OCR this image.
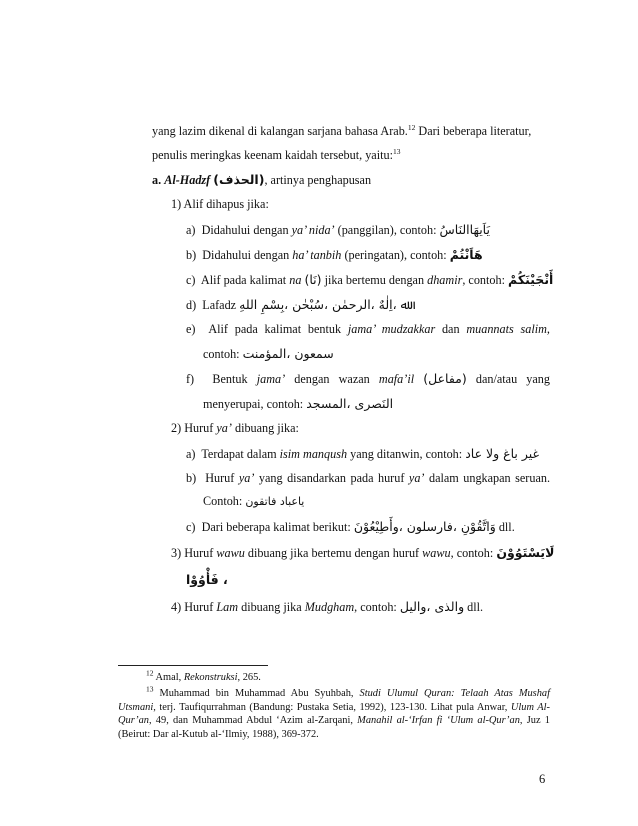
yang lazim dikenal di kalangan sarjana bahasa Arab.$^{12}$ Dari beberapa literatur,
penulis meringkas keenam kaidah tersebut, yaitu:$^{13}$
a. Al-Hadzf (الحذف), artinya penghapusan
1) Alif dihapus jika:
a) Didahului dengan ya’ nida’ (panggilan), contoh: يَاَيهَاالنَاسُ
b) Didahului dengan ha’ tanbih (peringatan), contoh: هَاَنْتُمْ
c) Alif pada kalimat na (نَا) jika bertemu dengan dhamir, contoh: أَنْجَيْنَكُمْ
d) Lafadz ﷲ ،اِلٰهٌ ،الرحمٰن ،سُبْحٰن ،بِسْمِ اللهِ
e) Alif pada kalimat bentuk jama’ mudzakkar dan muannats salim,
contoh: سمعون ،المؤمنت
f) Bentuk jama’ dengan wazan mafa’il (مفاعل) dan/atau yang
menyerupai, contoh: النَصرى ،المسجد
2) Huruf ya’ dibuang jika:
a) Terdapat dalam isim manqush yang ditanwin, contoh: غير باغ ولا عاد
b) Huruf ya’ yang disandarkan pada huruf ya’ dalam ungkapan seruan.
Contoh: ياعباد فاتقون
c) Dari beberapa kalimat berikut: وَاتَّقُوْنِ ،فارسلون ،وأَطِيْعُوْنَ dll.
3) Huruf wawu dibuang jika bertemu dengan huruf wawu, contoh: لَايَسْتَوُوْنَ
، فَأْوُوْا
4) Huruf Lam dibuang jika Mudgham, contoh: والذى ،واليل dll.
$^{12}$ Amal, Rekonstruksi, 265.
$^{13}$ Muhammad bin Muhammad Abu Syuhbah, Studi Ulumul Quran: Telaah Atas Mushaf
Utsmani, terj. Taufiqurrahman (Bandung: Pustaka Setia, 1992), 123-130. Lihat pula Anwar, Ulum Al-
Qur’an, 49, dan Muhammad Abdul ‘Azim al-Zarqani, Manahil al-‘Irfan fi ‘Ulum al-Qur’an, Juz 1
(Beirut: Dar al-Kutub al-‘Ilmiy, 1988), 369-372.
6
